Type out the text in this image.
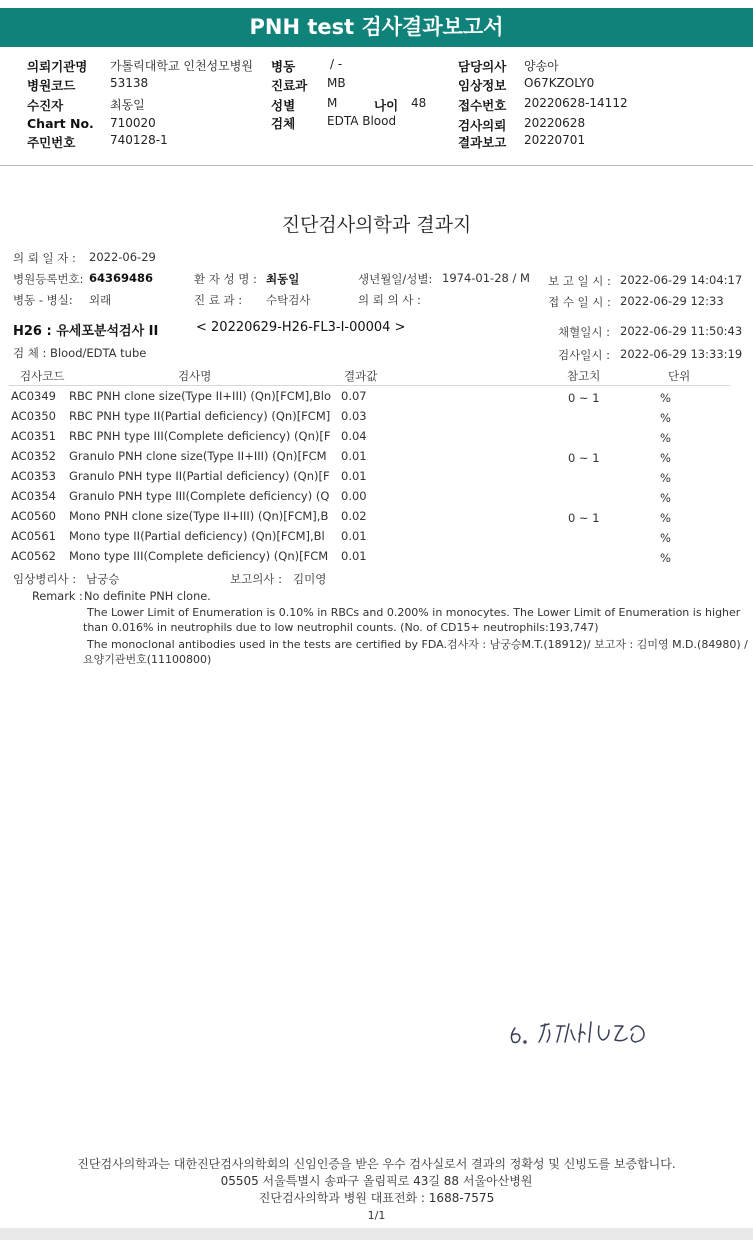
PNH test 검사결과보고서
의뢰기관명 가톨릭대학교 인천성모병원
병원코드	53138
수진자	최동일
Chart No. 710020
주민번호	740128-1
병동	/ -
진료과 MB
성별	M	나이 48
검체	EDTA Blood
담당의사 양송아
임상정보 O67KZOLY0
접수번호 20220628-14112
검사의뢰 20220628
결과보고 20220701
진단검사의학과 결과지
의 뢰 일 자 : 2022-06-29
병원등록번호: 64369486	환 자 성 명 : 최동일	생년월일/성별: 1974-01-28 / M 보 고 일 시 : 2022-06-29 14:04:17
병동 - 병실: 외래	진 료 과 : 수탁검사	의 뢰 의 사 :	접 수 일 시 : 2022-06-29 12:33
H26 : 유세포분석검사 II	< 20220629-H26-FL3-I-00004 >	채혈일시 : 2022-06-29 11:50:43
검 체 : Blood/EDTA tube	검사일시 : 2022-06-29 13:33:19
검사코드	검사명	결과값	참고치	단위
AC0349 RBC PNH clone size(Type II+III) (Qn)[FCM],Blo 0.07	0 ~ 1	%
AC0350 RBC PNH type II(Partial deficiency) (Qn)[FCM] 0.03	%
AC0351 RBC PNH type III(Complete deficiency) (Qn)[F 0.04	%
AC0352 Granulo PNH clone size(Type II+III) (Qn)[FCM 0.01	0 ~ 1	%
AC0353 Granulo PNH type II(Partial deficiency) (Qn)[F 0.01	%
AC0354 Granulo PNH type III(Complete deficiency) (Q 0.00	%
AC0560 Mono PNH clone size(Type II+III) (Qn)[FCM],B 0.02	0 ~ 1	%
AC0561 Mono type II(Partial deficiency) (Qn)[FCM],Bl 0.01	%
AC0562 Mono type III(Complete deficiency) (Qn)[FCM 0.01	%
임상병리사 : 남궁승	보고의사 : 김미영
Remark : No definite PNH clone.
The Lower Limit of Enumeration is 0.10% in RBCs and 0.200% in monocytes. The Lower Limit of Enumeration is higher
than 0.016% in neutrophils due to low neutrophil counts. (No. of CD15+ neutrophils:193,747)
The monoclonal antibodies used in the tests are certified by FDA.검사자 : 남궁승M.T.(18912)/ 보고자 : 김미영 M.D.(84980) /
요양기관번호(11100800)
진단검사의학과는 대한진단검사의학회의 신임인증을 받은 우수 검사실로서 결과의 정확성 및 신빙도를 보증합니다.
05505 서울특별시 송파구 올림픽로 43길 88 서울아산병원
진단검사의학과 병원 대표전화 : 1688-7575
1/1
